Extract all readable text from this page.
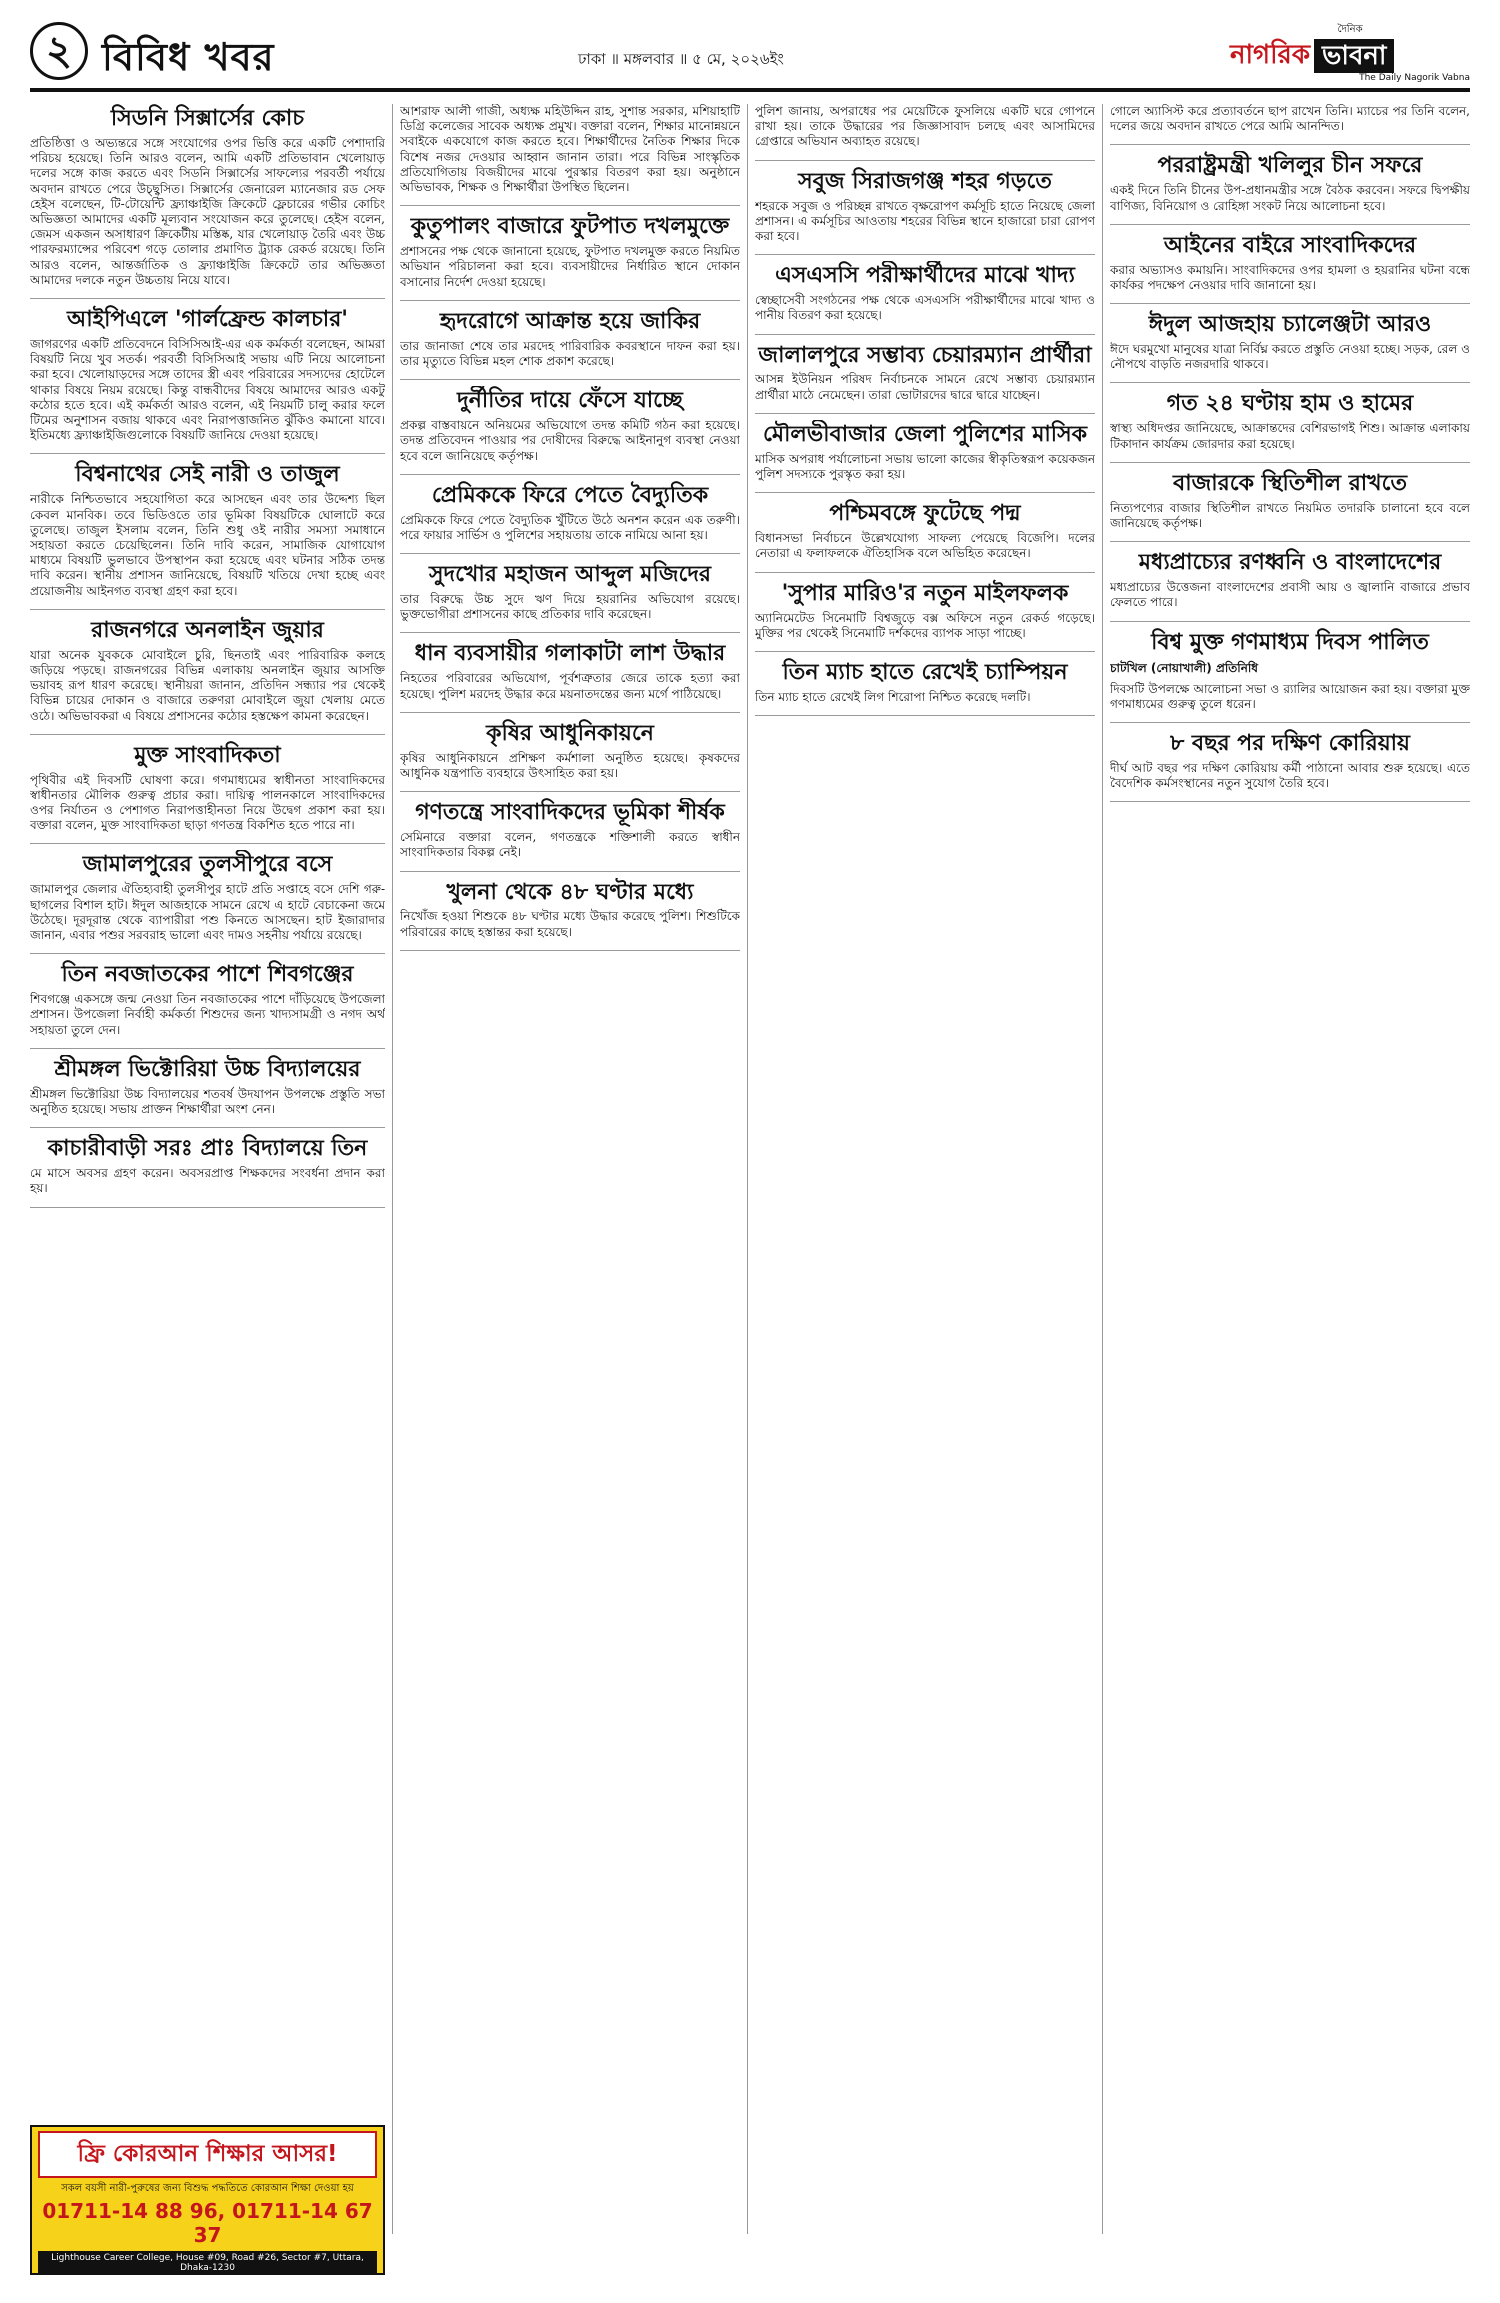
২ বিবিধ খবর	ঢাকা ॥ মঙ্গলবার ॥ ৫ মে, ২০২৬ইং
দৈনিক
নাগরিক ভাবনা
The Daily Nagorik Vabna
সিডনি সিক্সার্সের কোচ
প্রতিষ্ঠিত্তা ও অভ্যন্তরে সঙ্গে সংযোগের ওপর ভিত্তি করে একটি পেশাদারি পরিচয় হয়েছে। তিনি আরও বলেন, আমি একটি প্রতিভাবান খেলোয়াড় দলের সঙ্গে কাজ করতে এবং সিডনি সিক্সার্সের সাফল্যের পরবর্তী পর্যায়ে অবদান রাখতে পেরে উচ্ছ্বসিত। সিক্সার্সের জেনারেল ম্যানেজার রড সেফ হেইস বলেছেন, টি-টোয়েন্টি ফ্র্যাঞ্চাইজি ক্রিকেটে ফ্লেচারের গভীর কোচিং অভিজ্ঞতা আমাদের একটি মূল্যবান সংযোজন করে তুলেছে। হেইস বলেন, জেমস একজন অসাধারণ ক্রিকেটীয় মস্তিষ্ক, যার খেলোয়াড় তৈরি এবং উচ্চ পারফরম্যান্সের পরিবেশ গড়ে তোলার প্রমাণিত ট্র্যাক রেকর্ড রয়েছে। তিনি আরও বলেন, আন্তর্জাতিক ও ফ্র্যাঞ্চাইজি ক্রিকেটে তার অভিজ্ঞতা আমাদের দলকে নতুন উচ্চতায় নিয়ে যাবে।
আইপিএলে 'গার্লফ্রেন্ড কালচার'
জাগরণের একটি প্রতিবেদনে বিসিসিআই-এর এক কর্মকর্তা বলেছেন, আমরা বিষয়টি নিয়ে খুব সতর্ক। পরবর্তী বিসিসিআই সভায় এটি নিয়ে আলোচনা করা হবে। খেলোয়াড়দের সঙ্গে তাদের স্ত্রী এবং পরিবারের সদস্যদের হোটেলে থাকার বিষয়ে নিয়ম রয়েছে। কিন্তু বান্ধবীদের বিষয়ে আমাদের আরও একটু কঠোর হতে হবে। এই কর্মকর্তা আরও বলেন, এই নিয়মটি চালু করার ফলে টিমের অনুশাসন বজায় থাকবে এবং নিরাপত্তাজনিত ঝুঁকিও কমানো যাবে। ইতিমধ্যে ফ্র্যাঞ্চাইজিগুলোকে বিষয়টি জানিয়ে দেওয়া হয়েছে।
বিশ্বনাথের সেই নারী ও তাজুল
নারীকে নিশ্চিতভাবে সহযোগিতা করে আসছেন এবং তার উদ্দেশ্য ছিল কেবল মানবিক। তবে ভিডিওতে তার ভূমিকা বিষয়টিকে ঘোলাটে করে তুলেছে। তাজুল ইসলাম বলেন, তিনি শুধু ওই নারীর সমস্যা সমাধানে সহায়তা করতে চেয়েছিলেন। তিনি দাবি করেন, সামাজিক যোগাযোগ মাধ্যমে বিষয়টি ভুলভাবে উপস্থাপন করা হয়েছে এবং ঘটনার সঠিক তদন্ত দাবি করেন। স্থানীয় প্রশাসন জানিয়েছে, বিষয়টি খতিয়ে দেখা হচ্ছে এবং প্রয়োজনীয় আইনগত ব্যবস্থা গ্রহণ করা হবে।
রাজনগরে অনলাইন জুয়ার
যারা অনেক যুবককে মোবাইলে চুরি, ছিনতাই এবং পারিবারিক কলহে জড়িয়ে পড়ছে। রাজনগরের বিভিন্ন এলাকায় অনলাইন জুয়ার আসক্তি ভয়াবহ রূপ ধারণ করেছে। স্থানীয়রা জানান, প্রতিদিন সন্ধ্যার পর থেকেই বিভিন্ন চায়ের দোকান ও বাজারে তরুণরা মোবাইলে জুয়া খেলায় মেতে ওঠে। অভিভাবকরা এ বিষয়ে প্রশাসনের কঠোর হস্তক্ষেপ কামনা করেছেন।
মুক্ত সাংবাদিকতা
পৃথিবীর এই দিবসটি ঘোষণা করে। গণমাধ্যমের স্বাধীনতা সাংবাদিকদের স্বাধীনতার মৌলিক গুরুত্ব প্রচার করা। দায়িত্ব পালনকালে সাংবাদিকদের ওপর নির্যাতন ও পেশাগত নিরাপত্তাহীনতা নিয়ে উদ্বেগ প্রকাশ করা হয়। বক্তারা বলেন, মুক্ত সাংবাদিকতা ছাড়া গণতন্ত্র বিকশিত হতে পারে না।
জামালপুরের তুলসীপুরে বসে
জামালপুর জেলার ঐতিহ্যবাহী তুলসীপুর হাটে প্রতি সপ্তাহে বসে দেশি গরু-ছাগলের বিশাল হাট। ঈদুল আজহাকে সামনে রেখে এ হাটে বেচাকেনা জমে উঠেছে। দূরদূরান্ত থেকে ব্যাপারীরা পশু কিনতে আসছেন। হাট ইজারাদার জানান, এবার পশুর সরবরাহ ভালো এবং দামও সহনীয় পর্যায়ে রয়েছে।
তিন নবজাতকের পাশে শিবগঞ্জের
শিবগঞ্জে একসঙ্গে জন্ম নেওয়া তিন নবজাতকের পাশে দাঁড়িয়েছে উপজেলা প্রশাসন। উপজেলা নির্বাহী কর্মকর্তা শিশুদের জন্য খাদ্যসামগ্রী ও নগদ অর্থ সহায়তা তুলে দেন।
শ্রীমঙ্গল ভিক্টোরিয়া উচ্চ বিদ্যালয়ের
শ্রীমঙ্গল ভিক্টোরিয়া উচ্চ বিদ্যালয়ের শতবর্ষ উদযাপন উপলক্ষে প্রস্তুতি সভা অনুষ্ঠিত হয়েছে। সভায় প্রাক্তন শিক্ষার্থীরা অংশ নেন।
কাচারীবাড়ী সরঃ প্রাঃ বিদ্যালয়ে তিন
মে মাসে অবসর গ্রহণ করেন। অবসরপ্রাপ্ত শিক্ষকদের সংবর্ধনা প্রদান করা হয়।
আশরাফ আলী গাজী, অধ্যক্ষ মহিউদ্দিন রাহ, সুশান্ত সরকার, মশিয়াহাটি ডিগ্রি কলেজের সাবেক অধ্যক্ষ প্রমুখ। বক্তারা বলেন, শিক্ষার মানোন্নয়নে সবাইকে একযোগে কাজ করতে হবে। শিক্ষার্থীদের নৈতিক শিক্ষার দিকে বিশেষ নজর দেওয়ার আহ্বান জানান তারা। পরে বিভিন্ন সাংস্কৃতিক প্রতিযোগিতায় বিজয়ীদের মাঝে পুরস্কার বিতরণ করা হয়। অনুষ্ঠানে অভিভাবক, শিক্ষক ও শিক্ষার্থীরা উপস্থিত ছিলেন।
কুতুপালং বাজারে ফুটপাত দখলমুক্তে
প্রশাসনের পক্ষ থেকে জানানো হয়েছে, ফুটপাত দখলমুক্ত করতে নিয়মিত অভিযান পরিচালনা করা হবে। ব্যবসায়ীদের নির্ধারিত স্থানে দোকান বসানোর নির্দেশ দেওয়া হয়েছে।
হৃদরোগে আক্রান্ত হয়ে জাকির
তার জানাজা শেষে তার মরদেহ পারিবারিক কবরস্থানে দাফন করা হয়। তার মৃত্যুতে বিভিন্ন মহল শোক প্রকাশ করেছে।
দুর্নীতির দায়ে ফেঁসে যাচ্ছে
প্রকল্প বাস্তবায়নে অনিয়মের অভিযোগে তদন্ত কমিটি গঠন করা হয়েছে। তদন্ত প্রতিবেদন পাওয়ার পর দোষীদের বিরুদ্ধে আইনানুগ ব্যবস্থা নেওয়া হবে বলে জানিয়েছে কর্তৃপক্ষ।
প্রেমিককে ফিরে পেতে বৈদ্যুতিক
প্রেমিককে ফিরে পেতে বৈদ্যুতিক খুঁটিতে উঠে অনশন করেন এক তরুণী। পরে ফায়ার সার্ভিস ও পুলিশের সহায়তায় তাকে নামিয়ে আনা হয়।
সুদখোর মহাজন আব্দুল মজিদের
তার বিরুদ্ধে উচ্চ সুদে ঋণ দিয়ে হয়রানির অভিযোগ রয়েছে। ভুক্তভোগীরা প্রশাসনের কাছে প্রতিকার দাবি করেছেন।
ধান ব্যবসায়ীর গলাকাটা লাশ উদ্ধার
নিহতের পরিবারের অভিযোগ, পূর্বশত্রুতার জেরে তাকে হত্যা করা হয়েছে। পুলিশ মরদেহ উদ্ধার করে ময়নাতদন্তের জন্য মর্গে পাঠিয়েছে।
কৃষির আধুনিকায়নে
কৃষির আধুনিকায়নে প্রশিক্ষণ কর্মশালা অনুষ্ঠিত হয়েছে। কৃষকদের আধুনিক যন্ত্রপাতি ব্যবহারে উৎসাহিত করা হয়।
গণতন্ত্রে সাংবাদিকদের ভূমিকা শীর্ষক
সেমিনারে বক্তারা বলেন, গণতন্ত্রকে শক্তিশালী করতে স্বাধীন সাংবাদিকতার বিকল্প নেই।
খুলনা থেকে ৪৮ ঘণ্টার মধ্যে
নিখোঁজ হওয়া শিশুকে ৪৮ ঘণ্টার মধ্যে উদ্ধার করেছে পুলিশ। শিশুটিকে পরিবারের কাছে হস্তান্তর করা হয়েছে।
পুলিশ জানায়, অপরাধের পর মেয়েটিকে ফুসলিয়ে একটি ঘরে গোপনে রাখা হয়। তাকে উদ্ধারের পর জিজ্ঞাসাবাদ চলছে এবং আসামিদের গ্রেপ্তারে অভিযান অব্যাহত রয়েছে।
সবুজ সিরাজগঞ্জ শহর গড়তে
শহরকে সবুজ ও পরিচ্ছন্ন রাখতে বৃক্ষরোপণ কর্মসূচি হাতে নিয়েছে জেলা প্রশাসন। এ কর্মসূচির আওতায় শহরের বিভিন্ন স্থানে হাজারো চারা রোপণ করা হবে।
এসএসসি পরীক্ষার্থীদের মাঝে খাদ্য
স্বেচ্ছাসেবী সংগঠনের পক্ষ থেকে এসএসসি পরীক্ষার্থীদের মাঝে খাদ্য ও পানীয় বিতরণ করা হয়েছে।
জালালপুরে সম্ভাব্য চেয়ারম্যান প্রার্থীরা
আসন্ন ইউনিয়ন পরিষদ নির্বাচনকে সামনে রেখে সম্ভাব্য চেয়ারম্যান প্রার্থীরা মাঠে নেমেছেন। তারা ভোটারদের দ্বারে দ্বারে যাচ্ছেন।
মৌলভীবাজার জেলা পুলিশের মাসিক
মাসিক অপরাধ পর্যালোচনা সভায় ভালো কাজের স্বীকৃতিস্বরূপ কয়েকজন পুলিশ সদস্যকে পুরস্কৃত করা হয়।
পশ্চিমবঙ্গে ফুটেছে পদ্ম
বিধানসভা নির্বাচনে উল্লেখযোগ্য সাফল্য পেয়েছে বিজেপি। দলের নেতারা এ ফলাফলকে ঐতিহাসিক বলে অভিহিত করেছেন।
'সুপার মারিও'র নতুন মাইলফলক
অ্যানিমেটেড সিনেমাটি বিশ্বজুড়ে বক্স অফিসে নতুন রেকর্ড গড়েছে। মুক্তির পর থেকেই সিনেমাটি দর্শকদের ব্যাপক সাড়া পাচ্ছে।
তিন ম্যাচ হাতে রেখেই চ্যাম্পিয়ন
তিন ম্যাচ হাতে রেখেই লিগ শিরোপা নিশ্চিত করেছে দলটি।
গোলে অ্যাসিস্ট করে প্রত্যাবর্তনে ছাপ রাখেন তিনি। ম্যাচের পর তিনি বলেন, দলের জয়ে অবদান রাখতে পেরে আমি আনন্দিত।
পররাষ্ট্রমন্ত্রী খলিলুর চীন সফরে
একই দিনে তিনি চীনের উপ-প্রধানমন্ত্রীর সঙ্গে বৈঠক করবেন। সফরে দ্বিপক্ষীয় বাণিজ্য, বিনিয়োগ ও রোহিঙ্গা সংকট নিয়ে আলোচনা হবে।
আইনের বাইরে সাংবাদিকদের
করার অভ্যাসও কমায়নি। সাংবাদিকদের ওপর হামলা ও হয়রানির ঘটনা বন্ধে কার্যকর পদক্ষেপ নেওয়ার দাবি জানানো হয়।
ঈদুল আজহায় চ্যালেঞ্জটা আরও
ঈদে ঘরমুখো মানুষের যাত্রা নির্বিঘ্ন করতে প্রস্তুতি নেওয়া হচ্ছে। সড়ক, রেল ও নৌপথে বাড়তি নজরদারি থাকবে।
গত ২৪ ঘণ্টায় হাম ও হামের
স্বাস্থ্য অধিদপ্তর জানিয়েছে, আক্রান্তদের বেশিরভাগই শিশু। আক্রান্ত এলাকায় টিকাদান কার্যক্রম জোরদার করা হয়েছে।
বাজারকে স্থিতিশীল রাখতে
নিত্যপণ্যের বাজার স্থিতিশীল রাখতে নিয়মিত তদারকি চালানো হবে বলে জানিয়েছে কর্তৃপক্ষ।
মধ্যপ্রাচ্যের রণধ্বনি ও বাংলাদেশের
মধ্যপ্রাচ্যের উত্তেজনা বাংলাদেশের প্রবাসী আয় ও জ্বালানি বাজারে প্রভাব ফেলতে পারে।
বিশ্ব মুক্ত গণমাধ্যম দিবস পালিত
চাটখিল (নোয়াখালী) প্রতিনিধি
দিবসটি উপলক্ষে আলোচনা সভা ও র‌্যালির আয়োজন করা হয়। বক্তারা মুক্ত গণমাধ্যমের গুরুত্ব তুলে ধরেন।
৮ বছর পর দক্ষিণ কোরিয়ায়
দীর্ঘ আট বছর পর দক্ষিণ কোরিয়ায় কর্মী পাঠানো আবার শুরু হয়েছে। এতে বৈদেশিক কর্মসংস্থানের নতুন সুযোগ তৈরি হবে।
ফ্রি কোরআন শিক্ষার আসর!
সকল বয়সী নারী-পুরুষের জন্য বিশুদ্ধ পদ্ধতিতে কোরআন শিক্ষা দেওয়া হয়
01711-14 88 96, 01711-14 67 37
Lighthouse Career College, House #09, Road #26, Sector #7, Uttara, Dhaka-1230
